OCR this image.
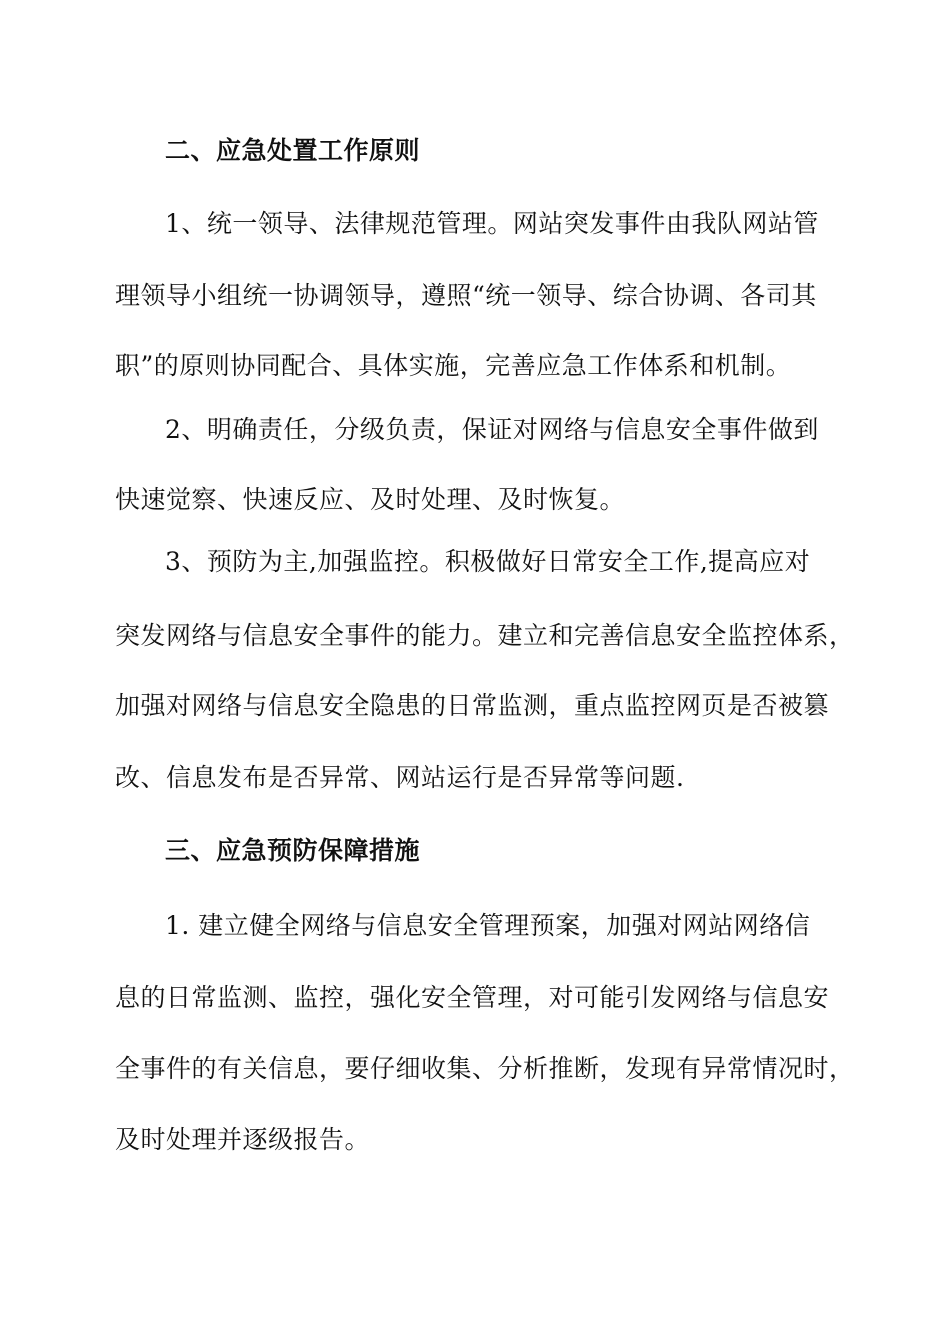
二、应急处置工作原则
1、统一领导、法律规范管理。网站突发事件由我队网站管
理领导小组统一协调领导，遵照“统一领导、综合协调、各司其
职”的原则协同配合、具体实施，完善应急工作体系和机制。
2、明确责任，分级负责，保证对网络与信息安全事件做到
快速觉察、快速反应、及时处理、及时恢复。
3、预防为主,加强监控。积极做好日常安全工作,提高应对
突发网络与信息安全事件的能力。建立和完善信息安全监控体系，
加强对网络与信息安全隐患的日常监测，重点监控网页是否被篡
改、信息发布是否异常、网站运行是否异常等问题.
三、应急预防保障措施
1. 建立健全网络与信息安全管理预案，加强对网站网络信
息的日常监测、监控，强化安全管理，对可能引发网络与信息安
全事件的有关信息，要仔细收集、分析推断，发现有异常情况时，
及时处理并逐级报告。
